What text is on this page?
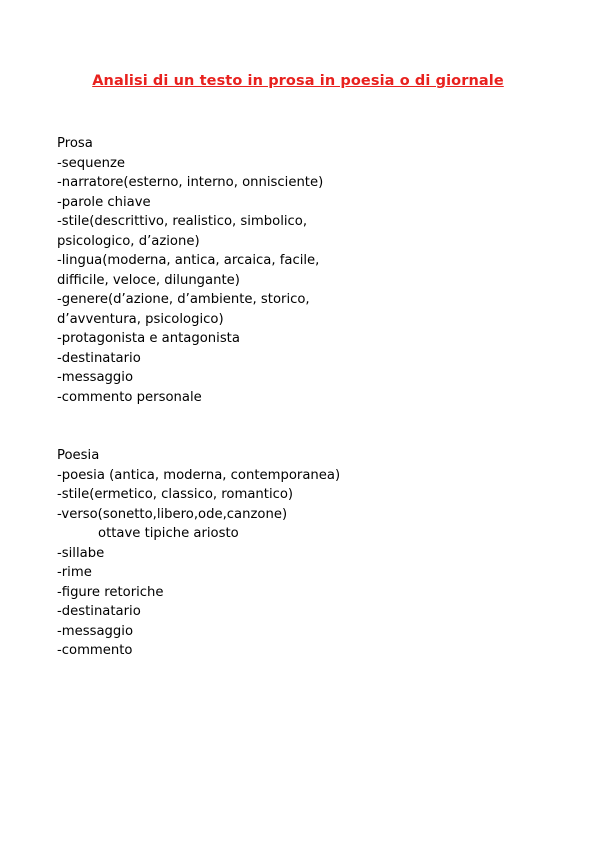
Analisi di un testo in prosa in poesia o di giornale

Prosa

-sequenze

-narratore(esterno, interno, onnisciente)

-parole chiave

-stile(descrittivo, realistico, simbolico,

psicologico, d’azione)

-lingua(moderna, antica, arcaica, facile,

difficile, veloce, dilungante)

-genere(d’azione, d’ambiente, storico,

d’avventura, psicologico)

-protagonista e antagonista

-destinatario

-messaggio

-commento personale

Poesia

-poesia (antica, moderna, contemporanea)

-stile(ermetico, classico, romantico)

-verso(sonetto,libero,ode,canzone)

ottave tipiche ariosto

-sillabe

-rime

-figure retoriche

-destinatario

-messaggio

-commento
